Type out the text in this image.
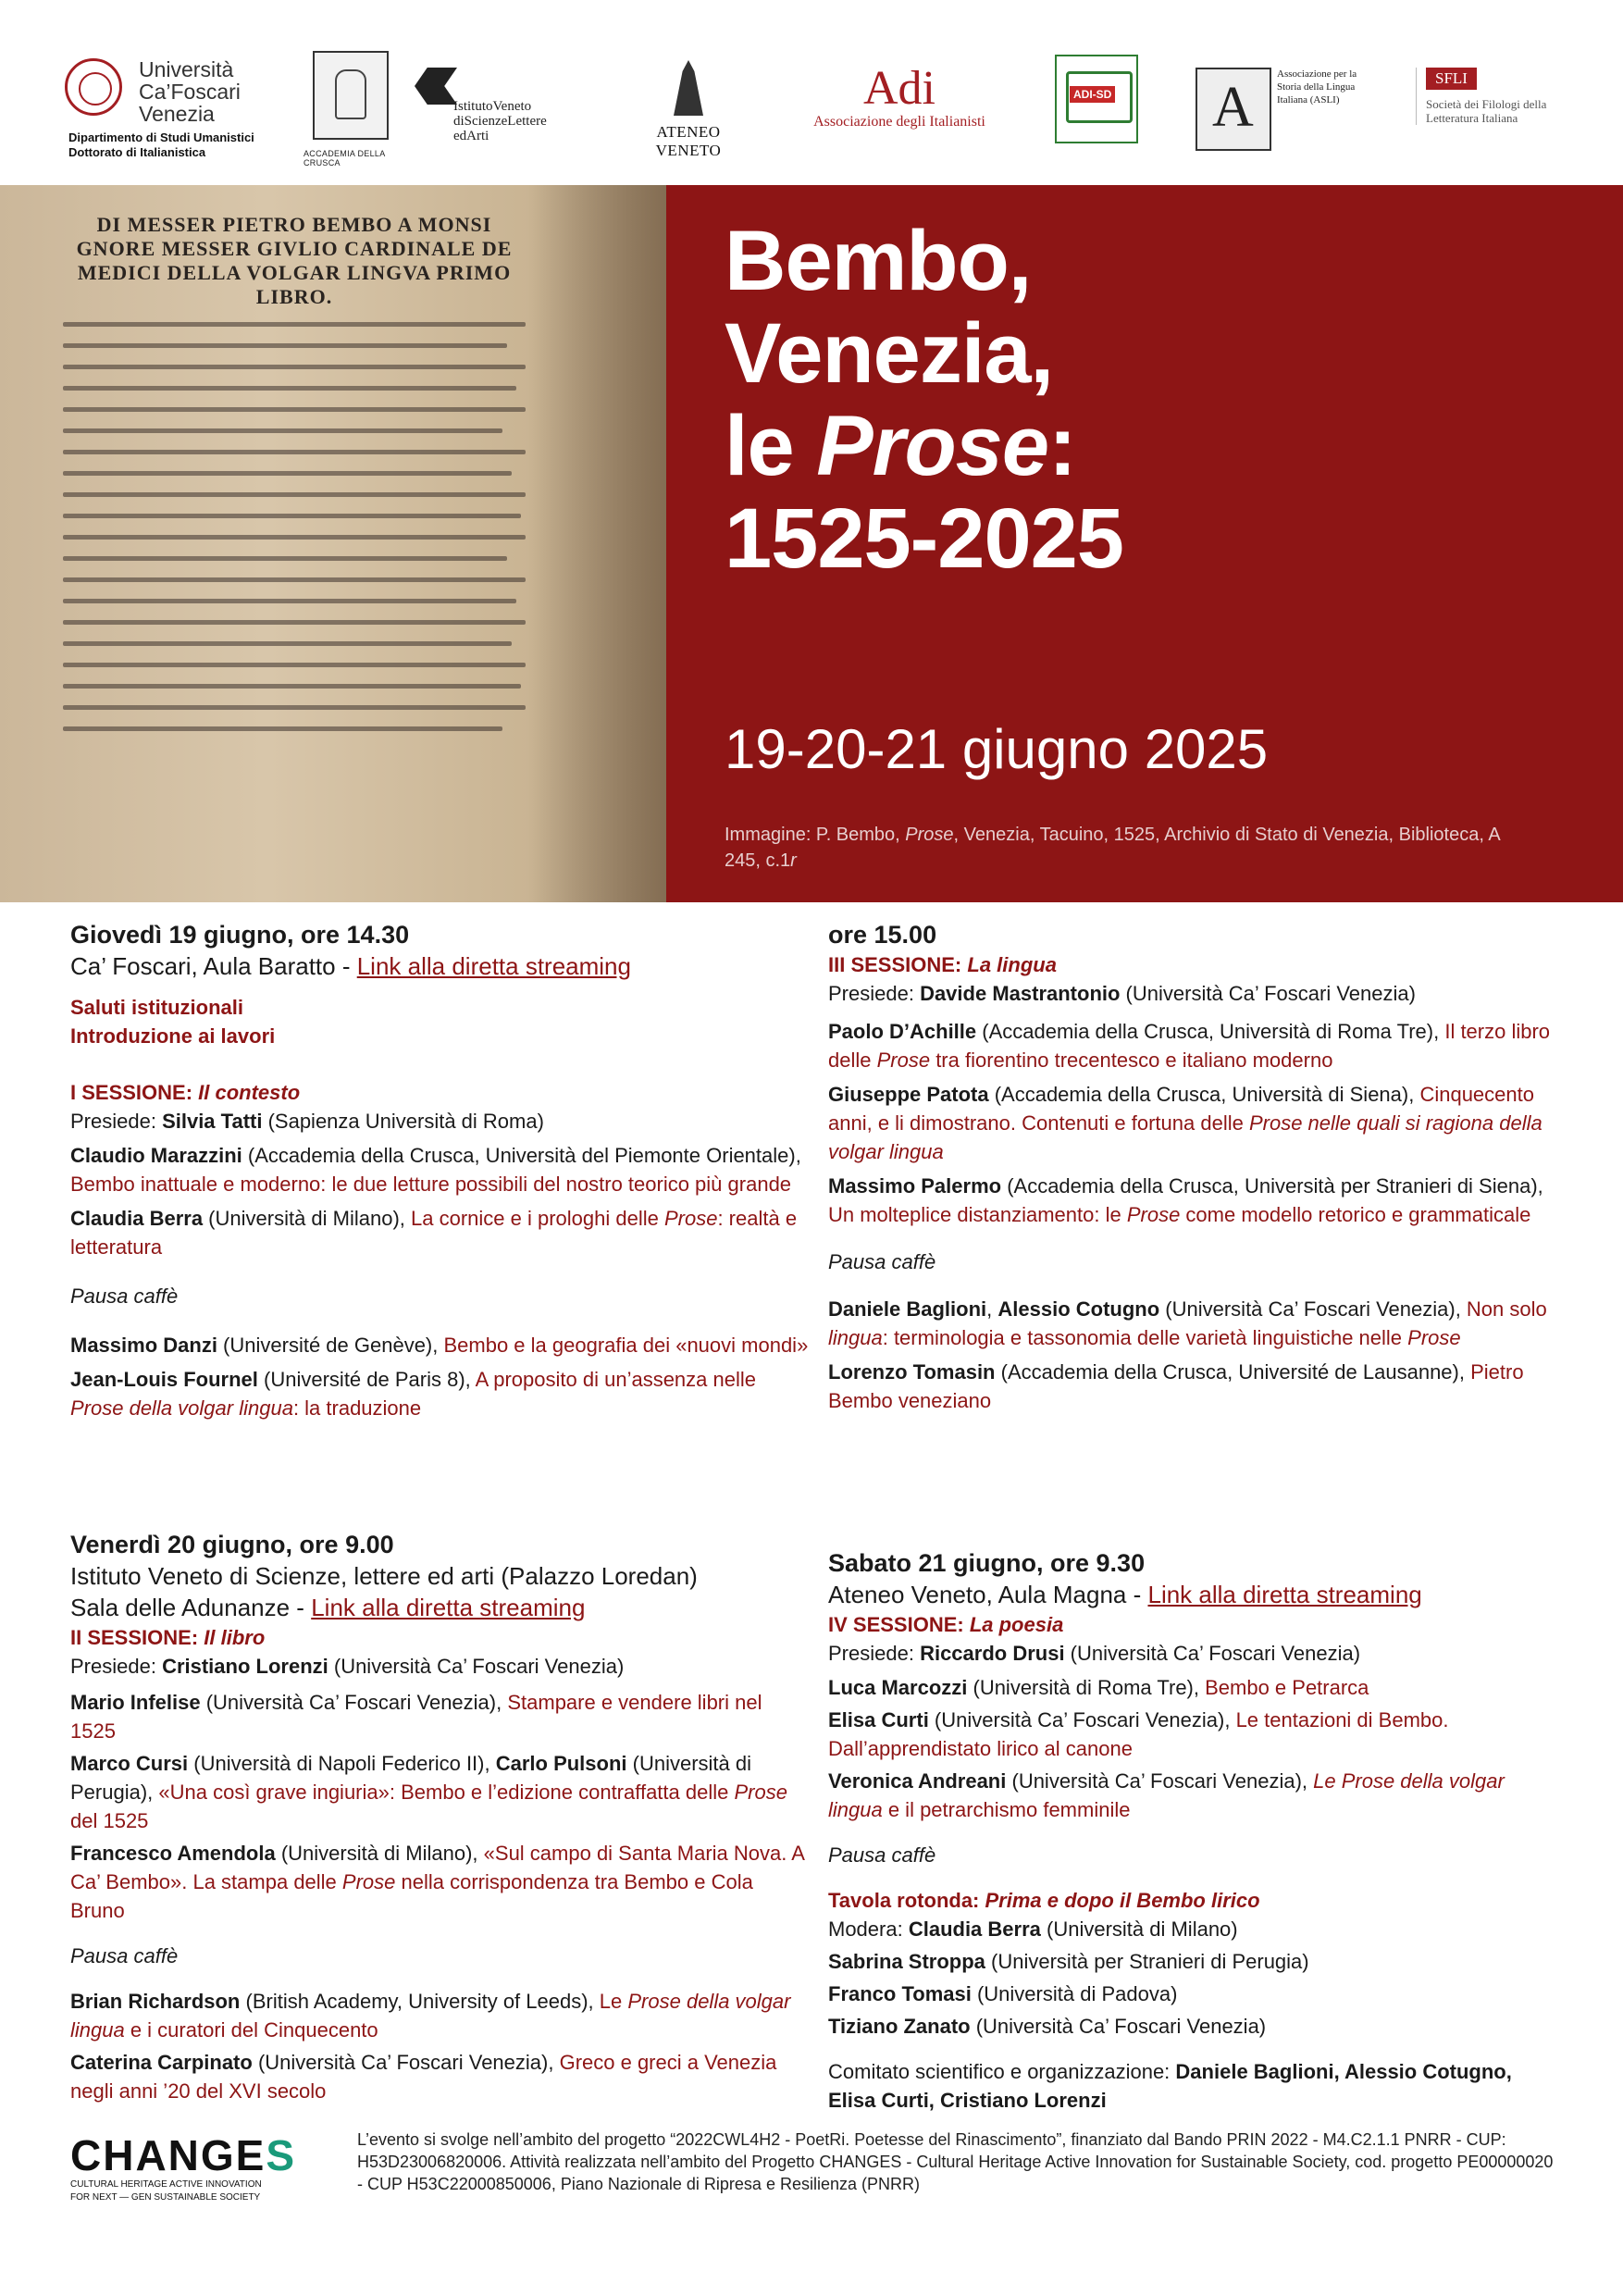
Università Ca’Foscari Venezia
Dipartimento di Studi Umanistici
Dottorato di Italianistica	ACCADEMIA DELLA CRUSCA
IstitutoVeneto diScienzeLettere edArti	ATENEO VENETO
Adi
Associazione degli Italianisti
ADI-SD
A
Associazione per la Storia della Lingua Italiana (ASLI)
SFLI
Società dei Filologi della Letteratura Italiana
DI MESSER PIETRO BEMBO A MONSI GNORE MESSER GIVLIO CARDINALE DE MEDICI DELLA VOLGAR LINGVA PRIMO LIBRO.	Bembo,
Venezia,
le Prose:
1525-2025
19-20-21 giugno 2025
Immagine: P. Bembo, Prose, Venezia, Tacuino, 1525, Archivio di Stato di Venezia, Biblioteca, A 245, c.1r

Giovedì 19 giugno, ore 14.30

Ca’ Foscari, Aula Baratto - Link alla diretta streaming

Saluti istituzionali

Introduzione ai lavori

I SESSIONE: Il contesto

Presiede: Silvia Tatti (Sapienza Università di Roma)

Claudio Marazzini (Accademia della Crusca, Università del Piemonte Orientale), Bembo inattuale e moderno: le due letture possibili del nostro teorico più grande

Claudia Berra (Università di Milano), La cornice e i prologhi delle Prose: realtà e letteratura

Pausa caffè

Massimo Danzi (Université de Genève), Bembo e la geografia dei «nuovi mondi»

Jean-Louis Fournel (Université de Paris 8), A proposito di un’assenza nelle Prose della volgar lingua: la traduzione

ore 15.00

III SESSIONE: La lingua

Presiede: Davide Mastrantonio (Università Ca’ Foscari Venezia)

Paolo D’Achille (Accademia della Crusca, Università di Roma Tre), Il terzo libro delle Prose tra fiorentino trecentesco e italiano moderno

Giuseppe Patota (Accademia della Crusca, Università di Siena), Cinquecento anni, e li dimostrano. Contenuti e fortuna delle Prose nelle quali si ragiona della volgar lingua

Massimo Palermo (Accademia della Crusca, Università per Stranieri di Siena), Un molteplice distanziamento: le Prose come modello retorico e grammaticale

Pausa caffè

Daniele Baglioni, Alessio Cotugno (Università Ca’ Foscari Venezia), Non solo lingua: terminologia e tassonomia delle varietà linguistiche nelle Prose

Lorenzo Tomasin (Accademia della Crusca, Université de Lausanne), Pietro Bembo veneziano

Venerdì 20 giugno, ore 9.00

Istituto Veneto di Scienze, lettere ed arti (Palazzo Loredan)

Sala delle Adunanze - Link alla diretta streaming

II SESSIONE: Il libro

Presiede: Cristiano Lorenzi (Università Ca’ Foscari Venezia)

Mario Infelise (Università Ca’ Foscari Venezia), Stampare e vendere libri nel 1525

Marco Cursi (Università di Napoli Federico II), Carlo Pulsoni (Università di Perugia), «Una così grave ingiuria»: Bembo e l’edizione contraffatta delle Prose del 1525

Francesco Amendola (Università di Milano), «Sul campo di Santa Maria Nova. A Ca’ Bembo». La stampa delle Prose nella corrispondenza tra Bembo e Cola Bruno

Pausa caffè

Brian Richardson (British Academy, University of Leeds), Le Prose della volgar lingua e i curatori del Cinquecento

Caterina Carpinato (Università Ca’ Foscari Venezia), Greco e greci a Venezia negli anni ’20 del XVI secolo

Sabato 21 giugno, ore 9.30

Ateneo Veneto, Aula Magna - Link alla diretta streaming

IV SESSIONE: La poesia

Presiede: Riccardo Drusi (Università Ca’ Foscari Venezia)

Luca Marcozzi (Università di Roma Tre), Bembo e Petrarca

Elisa Curti (Università Ca’ Foscari Venezia), Le tentazioni di Bembo. Dall’apprendistato lirico al canone

Veronica Andreani (Università Ca’ Foscari Venezia), Le Prose della volgar lingua e il petrarchismo femminile

Pausa caffè

Tavola rotonda: Prima e dopo il Bembo lirico

Modera: Claudia Berra (Università di Milano)

Sabrina Stroppa (Università per Stranieri di Perugia)

Franco Tomasi (Università di Padova)

Tiziano Zanato (Università Ca’ Foscari Venezia)

Comitato scientifico e organizzazione: Daniele Baglioni, Alessio Cotugno, Elisa Curti, Cristiano Lorenzi

CHANGES
CULTURAL HERITAGE ACTIVE INNOVATION
FOR NEXT — GEN SUSTAINABLE SOCIETY
L’evento si svolge nell’ambito del progetto “2022CWL4H2 - PoetRi. Poetesse del Rinascimento”, finanziato dal Bando PRIN 2022 - M4.C2.1.1 PNRR - CUP: H53D23006820006. Attività realizzata nell’ambito del Progetto CHANGES - Cultural Heritage Active Innovation for Sustainable Society, cod. progetto PE00000020 - CUP H53C22000850006, Piano Nazionale di Ripresa e Resilienza (PNRR)
